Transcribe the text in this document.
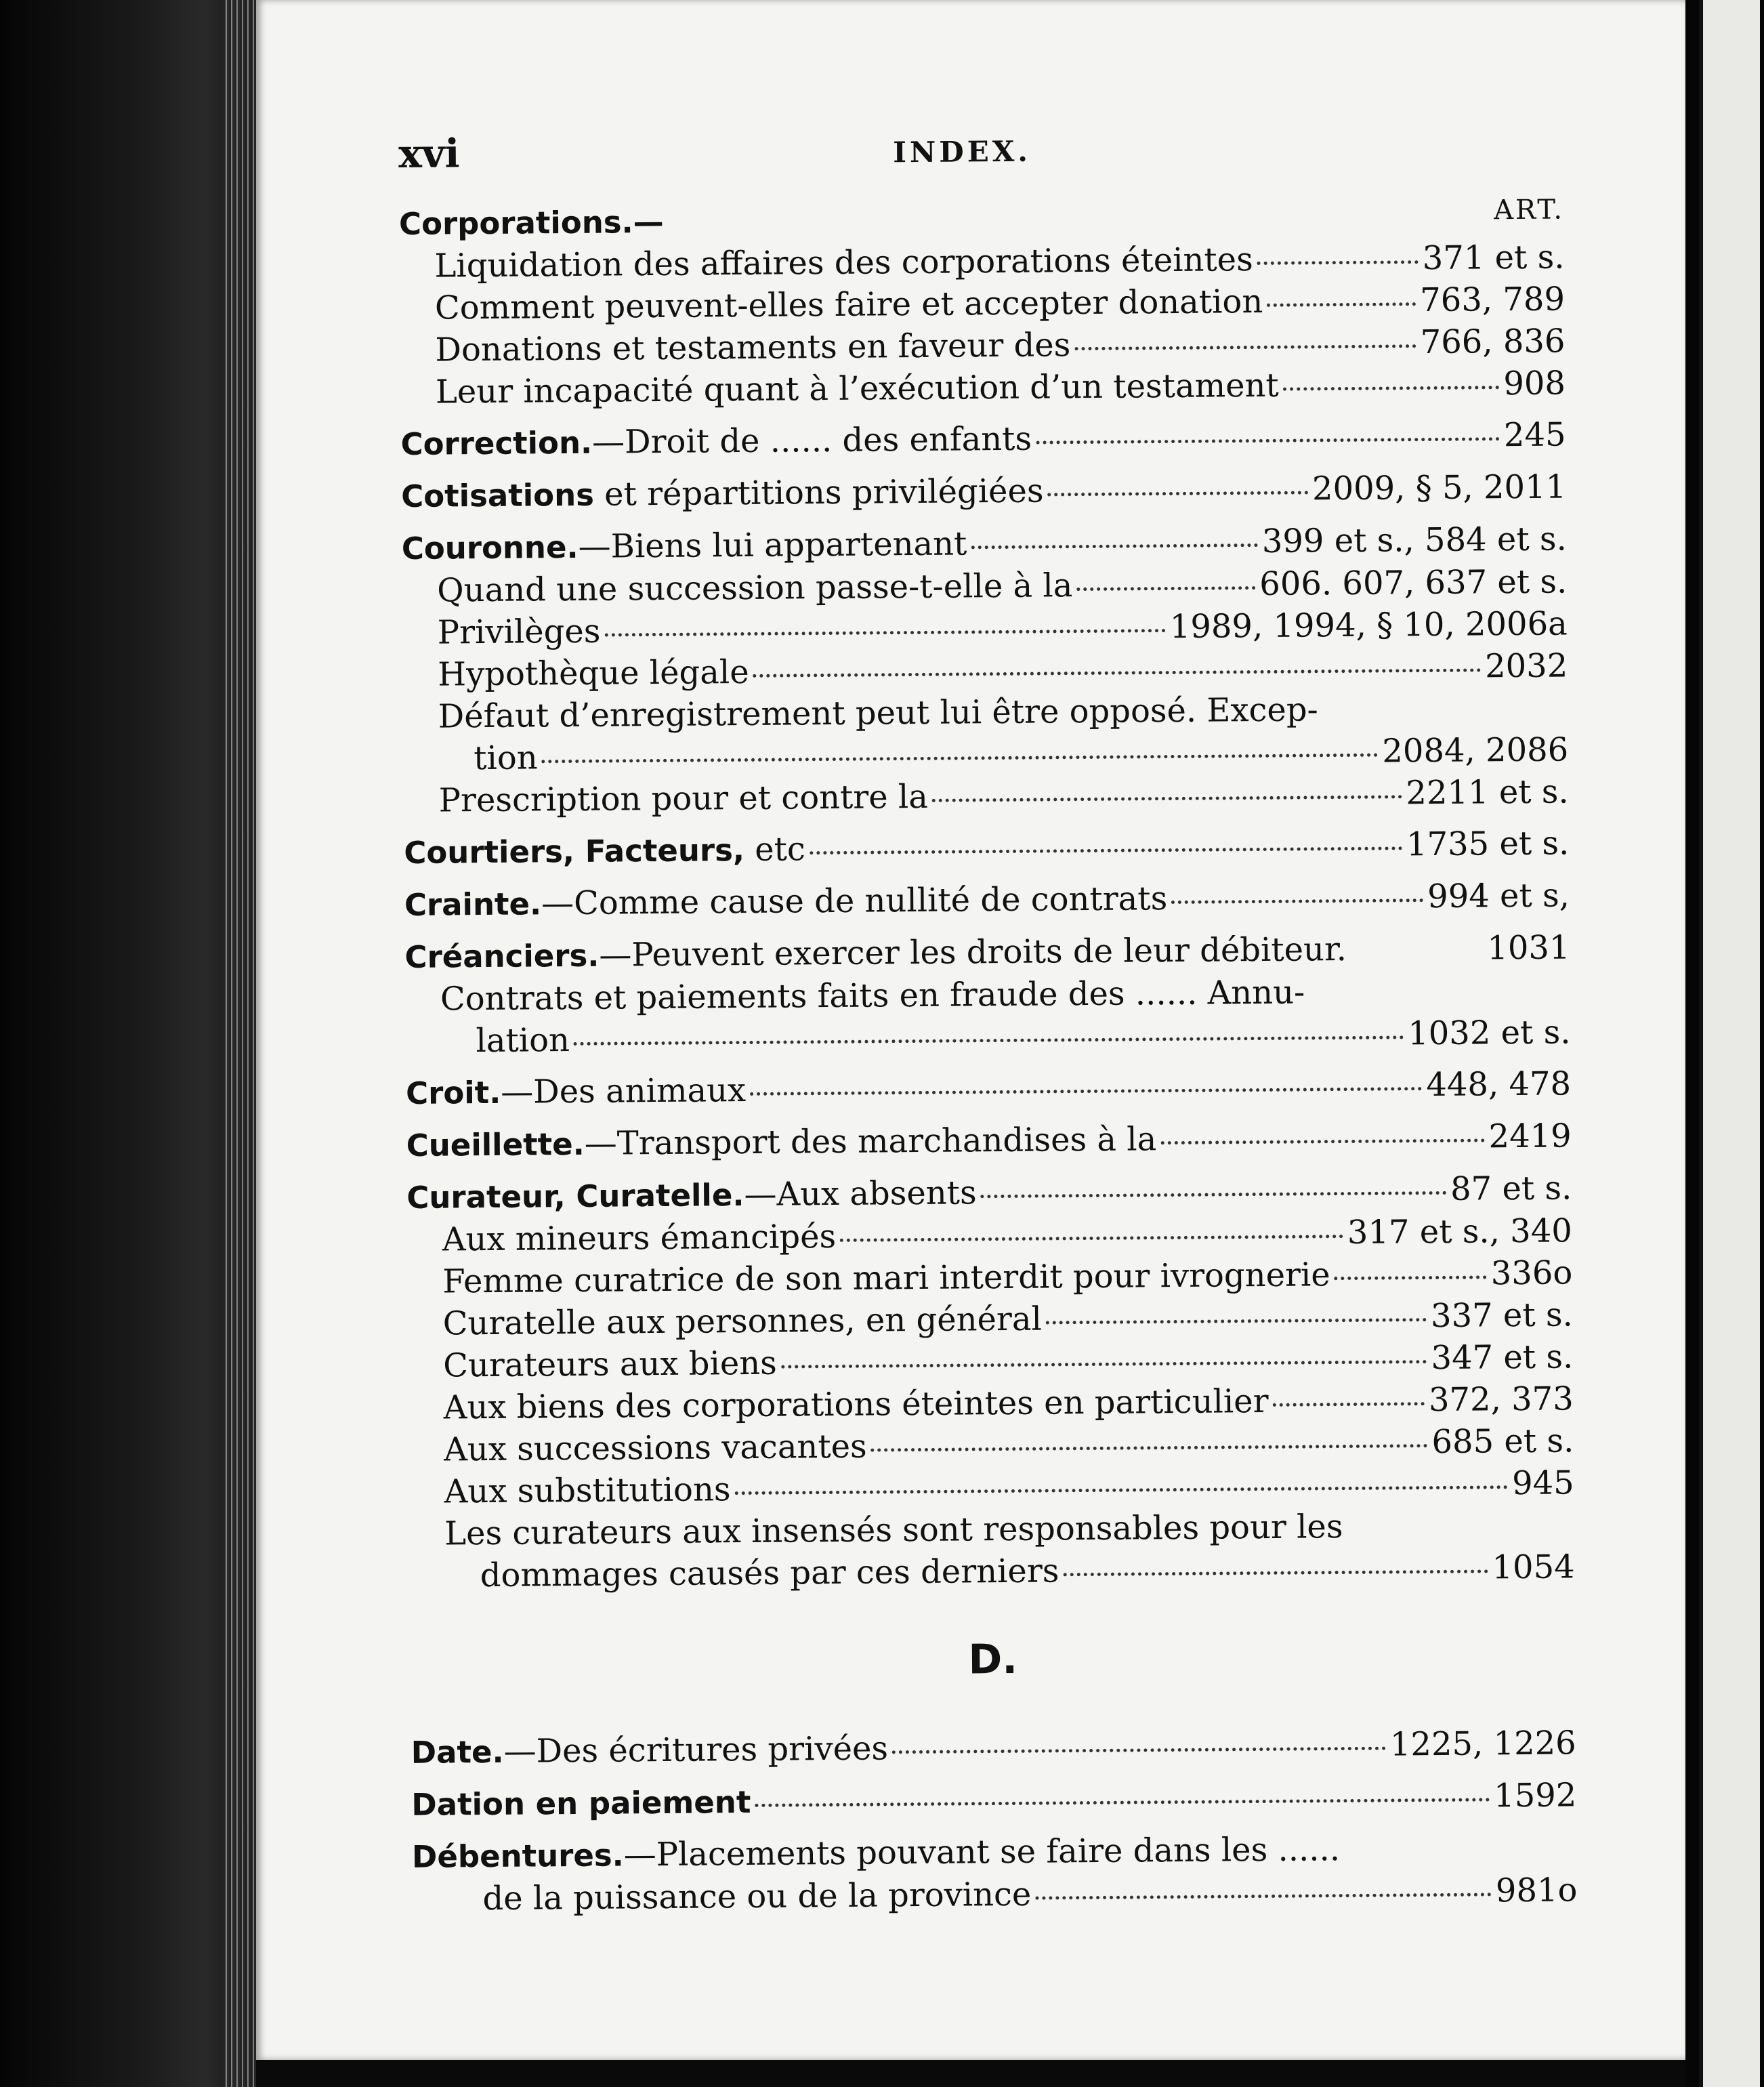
xvi	INDEX.
ART.
Corporations.—
Liquidation des affaires des corporations éteintes	371 et s.
Comment peuvent-elles faire et accepter donation	763, 789
Donations et testaments en faveur des	766, 836
Leur incapacité quant à l’exécution d’un testament	908
Correction. —Droit de ...... des enfants	245
Cotisations et répartitions privilégiées	2009, § 5, 2011
Couronne. —Biens lui appartenant	399 et s., 584 et s.
Quand une succession passe-t-elle à la	606. 607, 637 et s.
Privilèges	1989, 1994, § 10, 2006a
Hypothèque légale	2032
Défaut d’enregistrement peut lui être opposé. Excep-
tion	2084, 2086
Prescription pour et contre la	2211 et s.
Courtiers, Facteurs, etc	1735 et s.
Crainte. —Comme cause de nullité de contrats	994 et s,
Créanciers. —Peuvent exercer les droits de leur débiteur.	1031
Contrats et paiements faits en fraude des ...... Annu-
lation	1032 et s.
Croit. —Des animaux	448, 478
Cueillette. —Transport des marchandises à la	2419
Curateur, Curatelle. —Aux absents	87 et s.
Aux mineurs émancipés	317 et s., 340
Femme curatrice de son mari interdit pour ivrognerie	336o
Curatelle aux personnes, en général	337 et s.
Curateurs aux biens	347 et s.
Aux biens des corporations éteintes en particulier	372, 373
Aux successions vacantes	685 et s.
Aux substitutions	945
Les curateurs aux insensés sont responsables pour les
dommages causés par ces derniers	1054
D.
Date. —Des écritures privées	1225, 1226
Dation en paiement	1592
Débentures. —Placements pouvant se faire dans les ......
de la puissance ou de la province	981o
